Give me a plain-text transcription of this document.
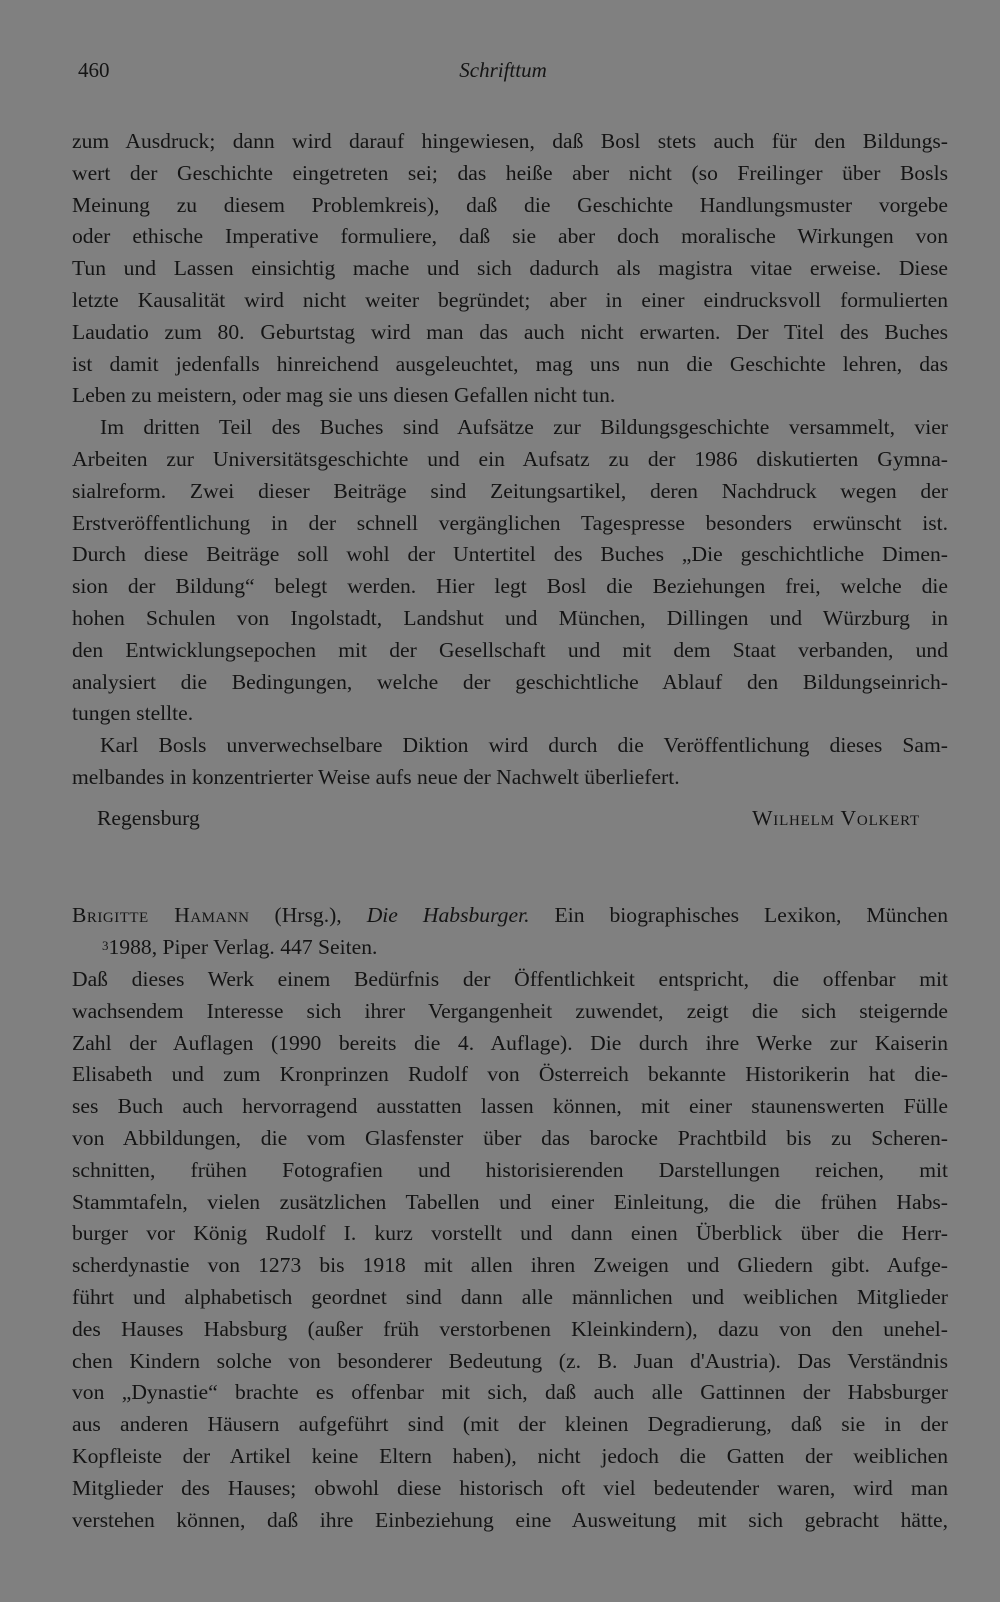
460	Schrifttum
zum Ausdruck; dann wird darauf hingewiesen, daß Bosl stets auch für den Bildungs-
wert der Geschichte eingetreten sei; das heiße aber nicht (so Freilinger über Bosls
Meinung zu diesem Problemkreis), daß die Geschichte Handlungsmuster vorgebe
oder ethische Imperative formuliere, daß sie aber doch moralische Wirkungen von
Tun und Lassen einsichtig mache und sich dadurch als magistra vitae erweise. Diese
letzte Kausalität wird nicht weiter begründet; aber in einer eindrucksvoll formulierten
Laudatio zum 80. Geburtstag wird man das auch nicht erwarten. Der Titel des Buches
ist damit jedenfalls hinreichend ausgeleuchtet, mag uns nun die Geschichte lehren, das
Leben zu meistern, oder mag sie uns diesen Gefallen nicht tun.
Im dritten Teil des Buches sind Aufsätze zur Bildungsgeschichte versammelt, vier
Arbeiten zur Universitätsgeschichte und ein Aufsatz zu der 1986 diskutierten Gymna-
sialreform. Zwei dieser Beiträge sind Zeitungsartikel, deren Nachdruck wegen der
Erstveröffentlichung in der schnell vergänglichen Tagespresse besonders erwünscht ist.
Durch diese Beiträge soll wohl der Untertitel des Buches „Die geschichtliche Dimen-
sion der Bildung“ belegt werden. Hier legt Bosl die Beziehungen frei, welche die
hohen Schulen von Ingolstadt, Landshut und München, Dillingen und Würzburg in
den Entwicklungsepochen mit der Gesellschaft und mit dem Staat verbanden, und
analysiert die Bedingungen, welche der geschichtliche Ablauf den Bildungseinrich-
tungen stellte.
Karl Bosls unverwechselbare Diktion wird durch die Veröffentlichung dieses Sam-
melbandes in konzentrierter Weise aufs neue der Nachwelt überliefert.
Regensburg	Wilhelm Volkert
Brigitte Hamann (Hrsg.), Die Habsburger. Ein biographisches Lexikon, München
$^3$1988, Piper Verlag. 447 Seiten.
Daß dieses Werk einem Bedürfnis der Öffentlichkeit entspricht, die offenbar mit
wachsendem Interesse sich ihrer Vergangenheit zuwendet, zeigt die sich steigernde
Zahl der Auflagen (1990 bereits die 4. Auflage). Die durch ihre Werke zur Kaiserin
Elisabeth und zum Kronprinzen Rudolf von Österreich bekannte Historikerin hat die-
ses Buch auch hervorragend ausstatten lassen können, mit einer staunenswerten Fülle
von Abbildungen, die vom Glasfenster über das barocke Prachtbild bis zu Scheren-
schnitten, frühen Fotografien und historisierenden Darstellungen reichen, mit
Stammtafeln, vielen zusätzlichen Tabellen und einer Einleitung, die die frühen Habs-
burger vor König Rudolf I. kurz vorstellt und dann einen Überblick über die Herr-
scherdynastie von 1273 bis 1918 mit allen ihren Zweigen und Gliedern gibt. Aufge-
führt und alphabetisch geordnet sind dann alle männlichen und weiblichen Mitglieder
des Hauses Habsburg (außer früh verstorbenen Kleinkindern), dazu von den unehel-
chen Kindern solche von besonderer Bedeutung (z. B. Juan d'Austria). Das Verständnis
von „Dynastie“ brachte es offenbar mit sich, daß auch alle Gattinnen der Habsburger
aus anderen Häusern aufgeführt sind (mit der kleinen Degradierung, daß sie in der
Kopfleiste der Artikel keine Eltern haben), nicht jedoch die Gatten der weiblichen
Mitglieder des Hauses; obwohl diese historisch oft viel bedeutender waren, wird man
verstehen können, daß ihre Einbeziehung eine Ausweitung mit sich gebracht hätte,
